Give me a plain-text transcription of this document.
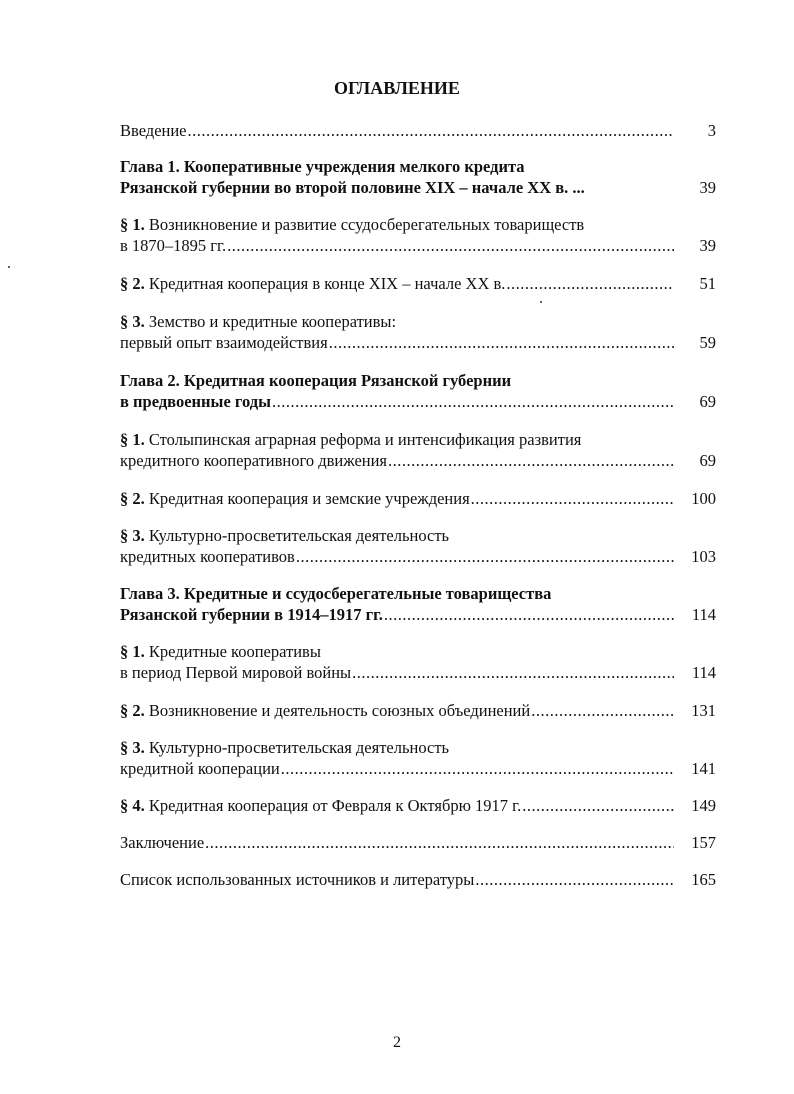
ОГЛАВЛЕНИЕ
Введение .....	3
Глава 1. Кооперативные учреждения мелкого кредита
Рязанской губернии во второй половине XIX – начале XX в. ...	39
§ 1. Возникновение и развитие ссудосберегательных товариществ
в 1870–1895 гг. .....	39
§ 2. Кредитная кооперация в конце XIX – начале XX в. .....	51
§ 3. Земство и кредитные кооперативы:
первый опыт взаимодействия .....	59
Глава 2. Кредитная кооперация Рязанской губернии
в предвоенные годы .....	69
§ 1. Столыпинская аграрная реформа и интенсификация развития
кредитного кооперативного движения .....	69
§ 2. Кредитная кооперация и земские учреждения .....	100
§ 3. Культурно-просветительская деятельность
кредитных кооперативов .....	103
Глава 3. Кредитные и ссудосберегательные товарищества
Рязанской губернии в 1914–1917 гг. .....	114
§ 1. Кредитные кооперативы
в период Первой мировой войны .....	114
§ 2. Возникновение и деятельность союзных объединений .....	131
§ 3. Культурно-просветительская деятельность
кредитной кооперации .....	141
§ 4. Кредитная кооперация от Февраля к Октябрю 1917 г. .....	149
Заключение .....	157
Список использованных источников и литературы .....	165
2
